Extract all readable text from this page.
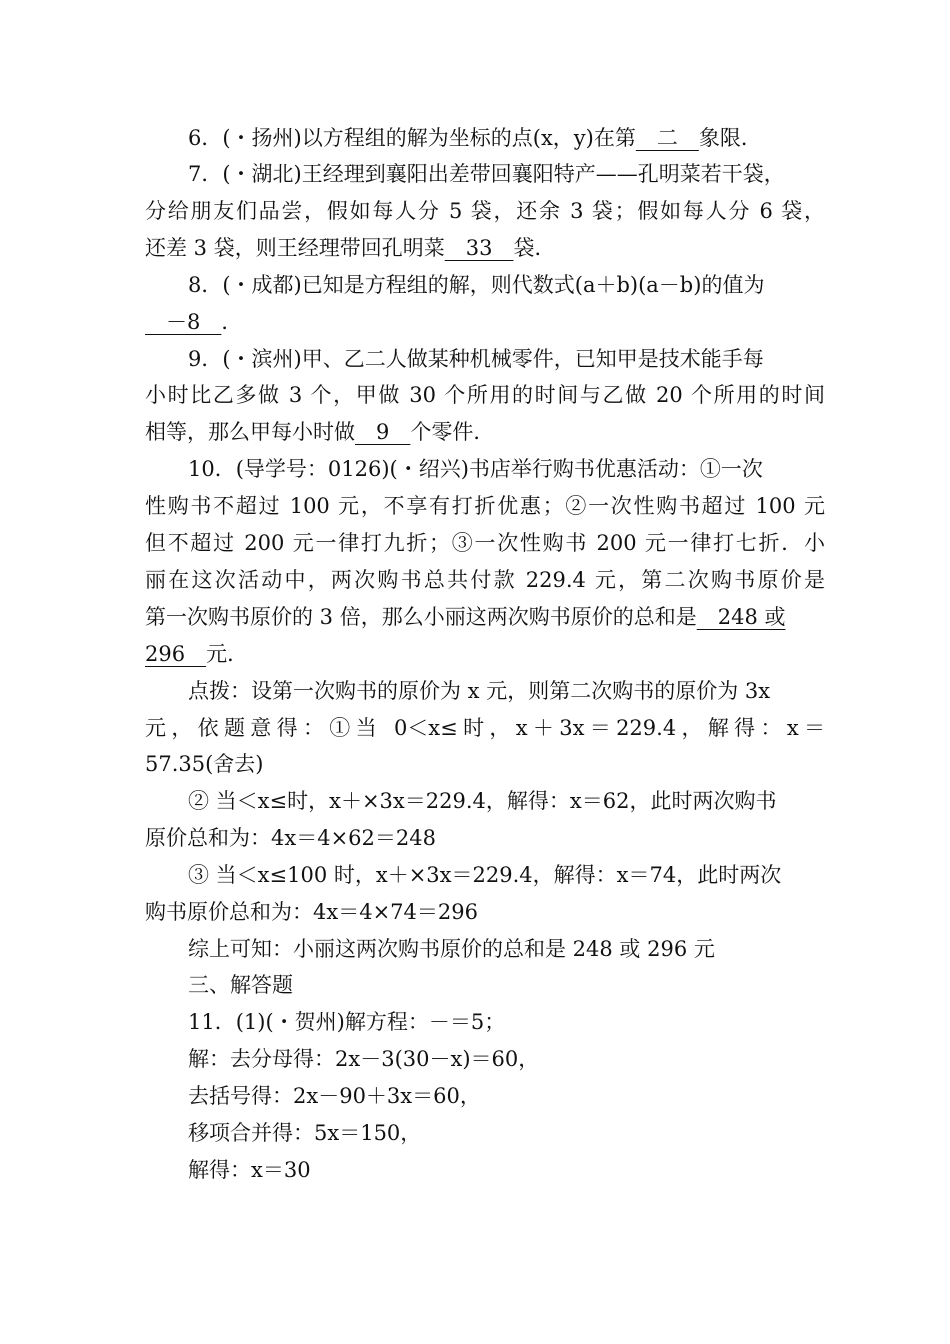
6．(・扬州)以方程组的解为坐标的点(x，y)在第　二　象限．
7．(・湖北)王经理到襄阳出差带回襄阳特产——孔明菜若干袋，
分给朋友们品尝，假如每人分 5 袋，还余 3 袋；假如每人分 6 袋，
还差 3 袋，则王经理带回孔明菜　33　袋．
8．(・成都)已知是方程组的解，则代数式(a＋b)(a－b)的值为
　－8　．
9．(・滨州)甲、乙二人做某种机械零件，已知甲是技术能手每
小时比乙多做 3 个，甲做 30 个所用的时间与乙做 20 个所用的时间
相等，那么甲每小时做　9　个零件．
10．(导学号：0126)(・绍兴)书店举行购书优惠活动：①一次
性购书不超过 100 元，不享有打折优惠；②一次性购书超过 100 元
但不超过 200 元一律打九折；③一次性购书 200 元一律打七折．小
丽在这次活动中，两次购书总共付款 229.4 元，第二次购书原价是
第一次购书原价的 3 倍，那么小丽这两次购书原价的总和是　248 或
296　元．
点拨：设第一次购书的原价为 x 元，则第二次购书的原价为 3x
元，依题意得：①当 0＜x≤时，x＋3x＝229.4，解得：x＝
57.35(舍去)
② 当＜x≤时，x＋×3x＝229.4，解得：x＝62，此时两次购书
原价总和为：4x＝4×62＝248
③ 当＜x≤100 时，x＋×3x＝229.4，解得：x＝74，此时两次
购书原价总和为：4x＝4×74＝296
综上可知：小丽这两次购书原价的总和是 248 或 296 元
三、解答题
11．(1)(・贺州)解方程：－＝5；
解：去分母得：2x－3(30－x)＝60，
去括号得：2x－90＋3x＝60，
移项合并得：5x＝150，
解得：x＝30
